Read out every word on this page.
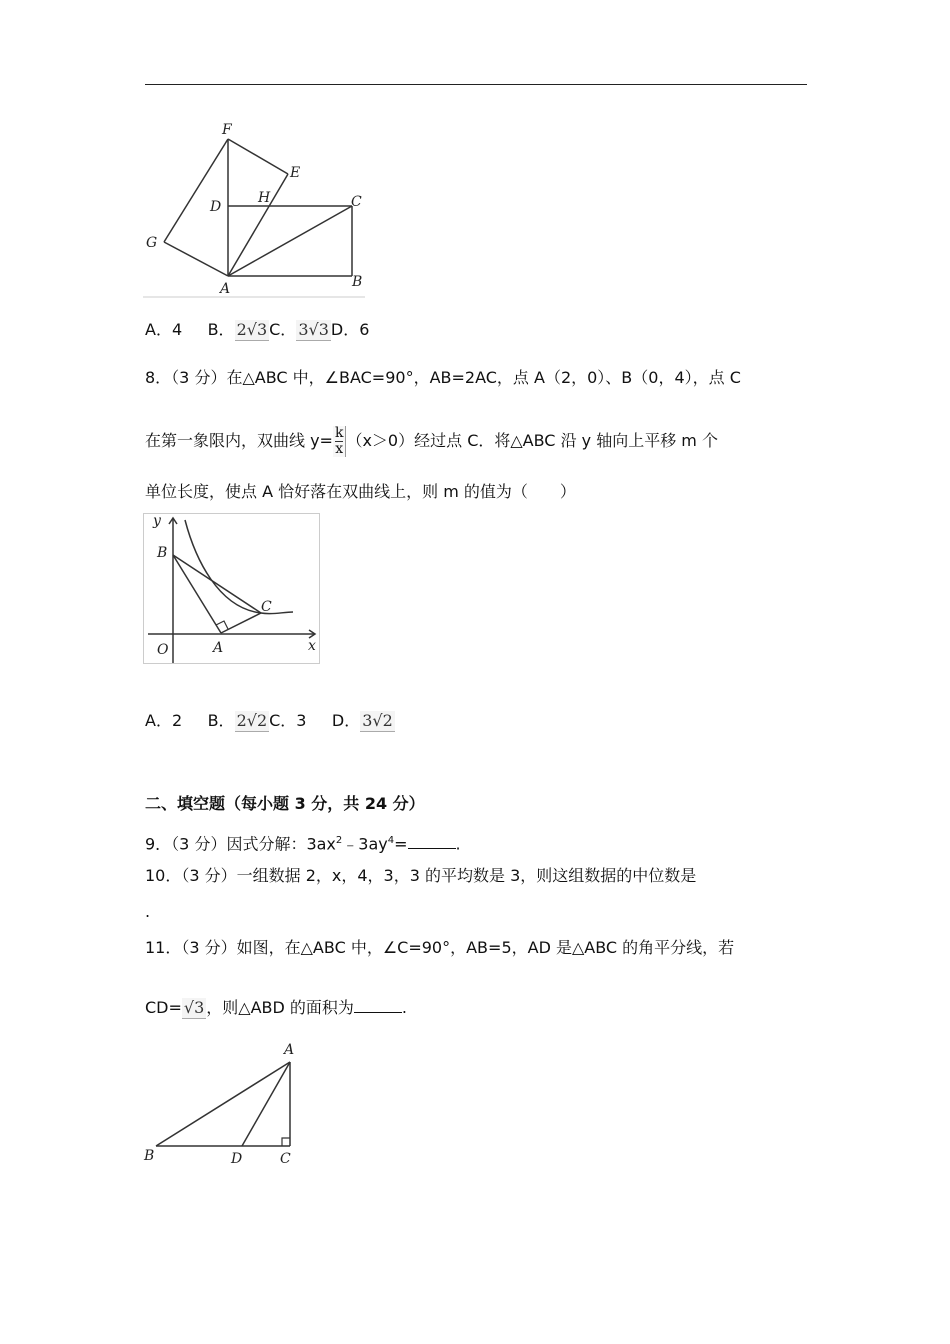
F
E
H
D	C
G
A	B
A．4 B． 2√3 C． 3√3 D．6
8．（3 分）在△ABC 中，∠BAC=90°，AB=2AC，点 A（2，0）、B（0，4），点 C
在第一象限内，双曲线 $y= \frac{k}{x} (x>0)$经过点 C．将△ABC 沿 y 轴向上平移 m 个
单位长度，使点 A 恰好落在双曲线上，则 m 的值为（　　）
y
B
C
O	A	x
A．2 B． 2√2 C．3 D． 3√2
二、填空题（每小题 3 分，共 24 分）
9．（3 分）因式分解：$3ax^2﹣3ay^4=$	.
10．（3 分）一组数据 2，x，4，3，3 的平均数是 3，则这组数据的中位数是
.
11．（3 分）如图，在△ABC 中，∠C=90°，AB=5，AD 是△ABC 的角平分线，若
CD= √3 ，则△ABD 的面积为	.
A
B	D	C
